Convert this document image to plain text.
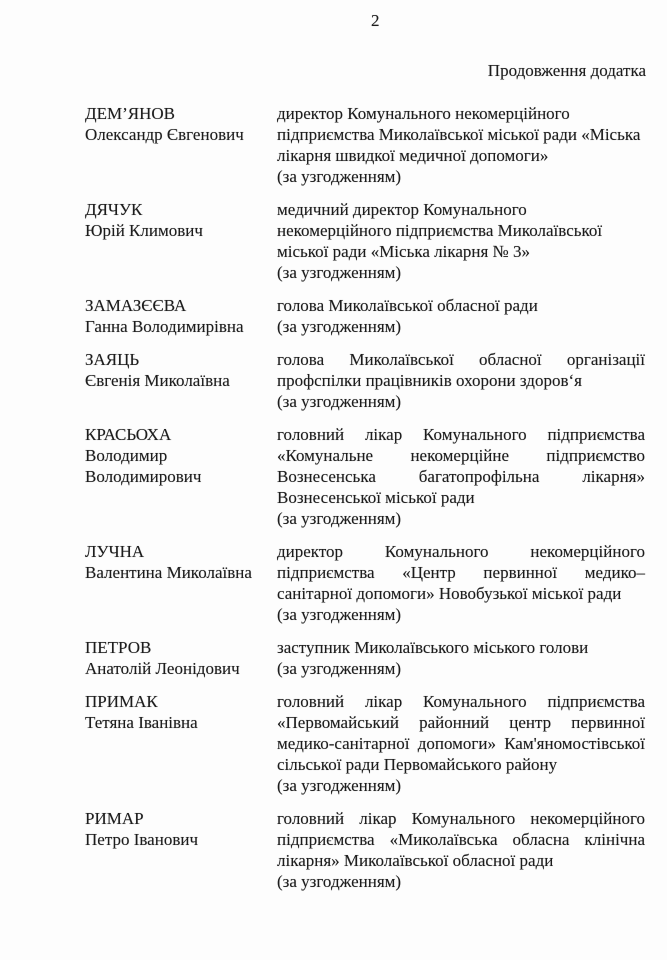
2
Продовження додатка
ДЕМ’ЯНОВ
Олександр Євгенович
директор Комунального некомерційного підприємства Миколаївської міської ради «Міська лікарня швидкої медичної допомоги»
(за узгодженням)
ДЯЧУК
Юрій Климович
медичний директор Комунального некомерційного підприємства Миколаївської міської ради «Міська лікарня № 3»
(за узгодженням)
ЗАМАЗЄЄВА
Ганна Володимирівна
голова Миколаївської обласної ради
(за узгодженням)
ЗАЯЦЬ
Євгенія Миколаївна
голова Миколаївської обласної організації профспілки працівників охорони здоров‘я
(за узгодженням)
КРАСЬОХА
Володимир Володимирович
головний лікар Комунального підприємства «Комунальне некомерційне підприємство Вознесенська багатопрофільна лікарня» Вознесенської міської ради
(за узгодженням)
ЛУЧНА
Валентина Миколаївна
директор Комунального некомерційного підприємства «Центр первинної медико–санітарної допомоги» Новобузької міської ради
(за узгодженням)
ПЕТРОВ
Анатолій Леонідович
заступник Миколаївського міського голови
(за узгодженням)
ПРИМАК
Тетяна Іванівна
головний лікар Комунального підприємства «Первомайський районний центр первинної медико-санітарної допомоги» Кам'яномостівської сільської ради Первомайського району
(за узгодженням)
РИМАР
Петро Іванович
головний лікар Комунального некомерційного підприємства «Миколаївська обласна клінічна лікарня» Миколаївської обласної ради
(за узгодженням)
